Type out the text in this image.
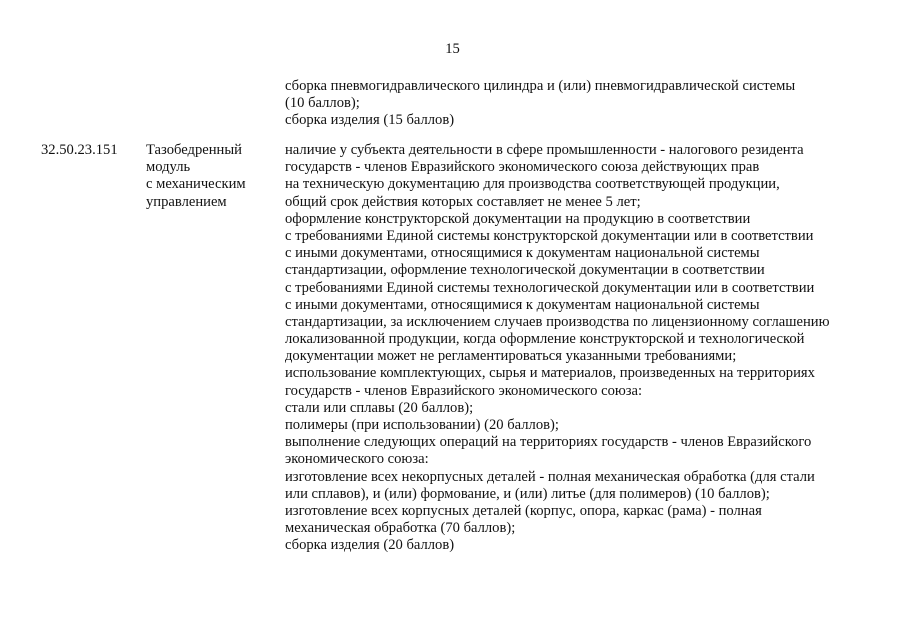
15
сборка пневмогидравлического цилиндра и (или) пневмогидравлической системы
(10 баллов);
сборка изделия (15 баллов)
32.50.23.151 Тазобедренный
модуль
с механическим
управлением
наличие у субъекта деятельности в сфере промышленности - налогового резидента
государств - членов Евразийского экономического союза действующих прав
на техническую документацию для производства соответствующей продукции,
общий срок действия которых составляет не менее 5 лет;
оформление конструкторской документации на продукцию в соответствии
с требованиями Единой системы конструкторской документации или в соответствии
с иными документами, относящимися к документам национальной системы
стандартизации, оформление технологической документации в соответствии
с требованиями Единой системы технологической документации или в соответствии
с иными документами, относящимися к документам национальной системы
стандартизации, за исключением случаев производства по лицензионному соглашению
локализованной продукции, когда оформление конструкторской и технологической
документации может не регламентироваться указанными требованиями;
использование комплектующих, сырья и материалов, произведенных на территориях
государств - членов Евразийского экономического союза:
стали или сплавы (20 баллов);
полимеры (при использовании) (20 баллов);
выполнение следующих операций на территориях государств - членов Евразийского
экономического союза:
изготовление всех некорпусных деталей - полная механическая обработка (для стали
или сплавов), и (или) формование, и (или) литье (для полимеров) (10 баллов);
изготовление всех корпусных деталей (корпус, опора, каркас (рама) - полная
механическая обработка (70 баллов);
сборка изделия (20 баллов)
